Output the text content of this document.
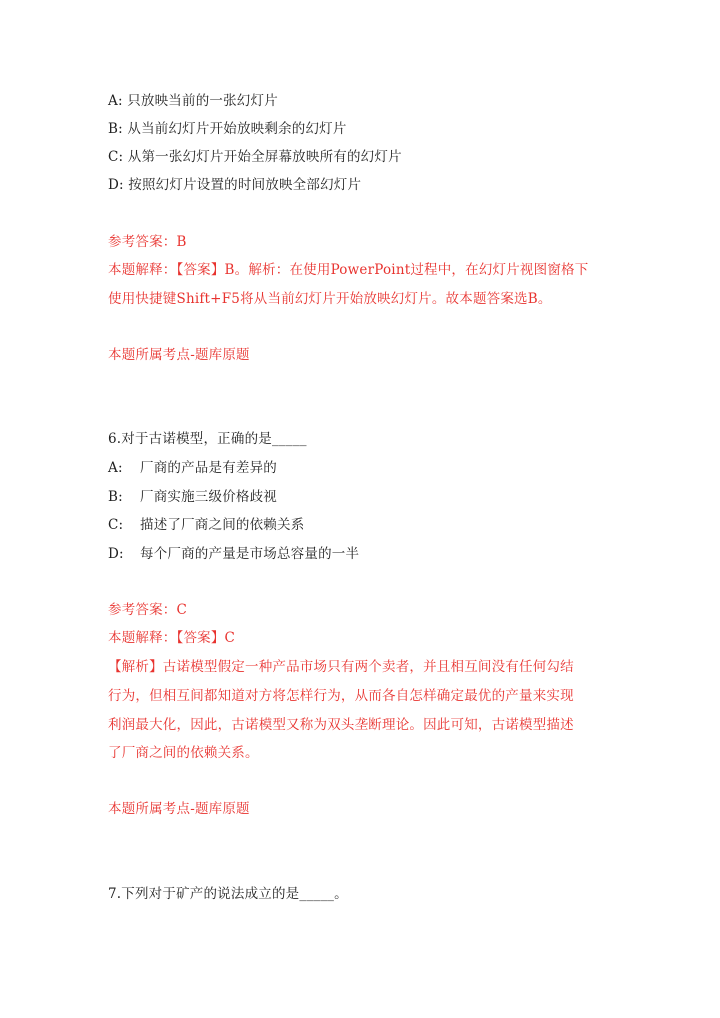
A: 只放映当前的一张幻灯片
B: 从当前幻灯片开始放映剩余的幻灯片
C: 从第一张幻灯片开始全屏幕放映所有的幻灯片
D: 按照幻灯片设置的时间放映全部幻灯片
参考答案：B
本题解释：【答案】B。解析：在使用PowerPoint过程中，在幻灯片视图窗格下
使用快捷键Shift+F5将从当前幻灯片开始放映幻灯片。故本题答案选B。
本题所属考点-题库原题
6.对于古诺模型，正确的是_____
A: 厂商的产品是有差异的
B: 厂商实施三级价格歧视
C: 描述了厂商之间的依赖关系
D: 每个厂商的产量是市场总容量的一半
参考答案：C
本题解释：【答案】C
【解析】古诺模型假定一种产品市场只有两个卖者，并且相互间没有任何勾结
行为，但相互间都知道对方将怎样行为，从而各自怎样确定最优的产量来实现
利润最大化，因此，古诺模型又称为双头垄断理论。因此可知，古诺模型描述
了厂商之间的依赖关系。
本题所属考点-题库原题
7.下列对于矿产的说法成立的是_____。
